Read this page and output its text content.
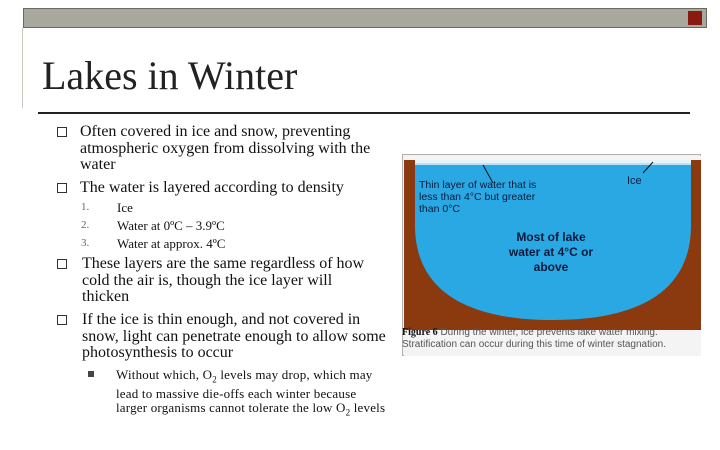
Lakes in Winter
Often covered in ice and snow, preventing atmospheric oxygen from dissolving with the water
The water is layered according to density
1.	Ice
2.	Water at 0ºC – 3.9ºC
3.	Water at approx. 4ºC
These layers are the same regardless of how cold the air is, though the ice layer will thicken
If the ice is thin enough, and not covered in snow, light can penetrate enough to allow some photosynthesis to occur
Without which, $O_2$ levels may drop, which may lead to massive die-offs each winter because larger organisms cannot tolerate the low $O_2$ levels
Thin layer of water that is less than 4°C but greater than 0°C
Ice
Most of lake water at 4°C or above
Figure 6 During the winter, ice prevents lake water mixing. Stratification can occur during this time of winter stagnation.
